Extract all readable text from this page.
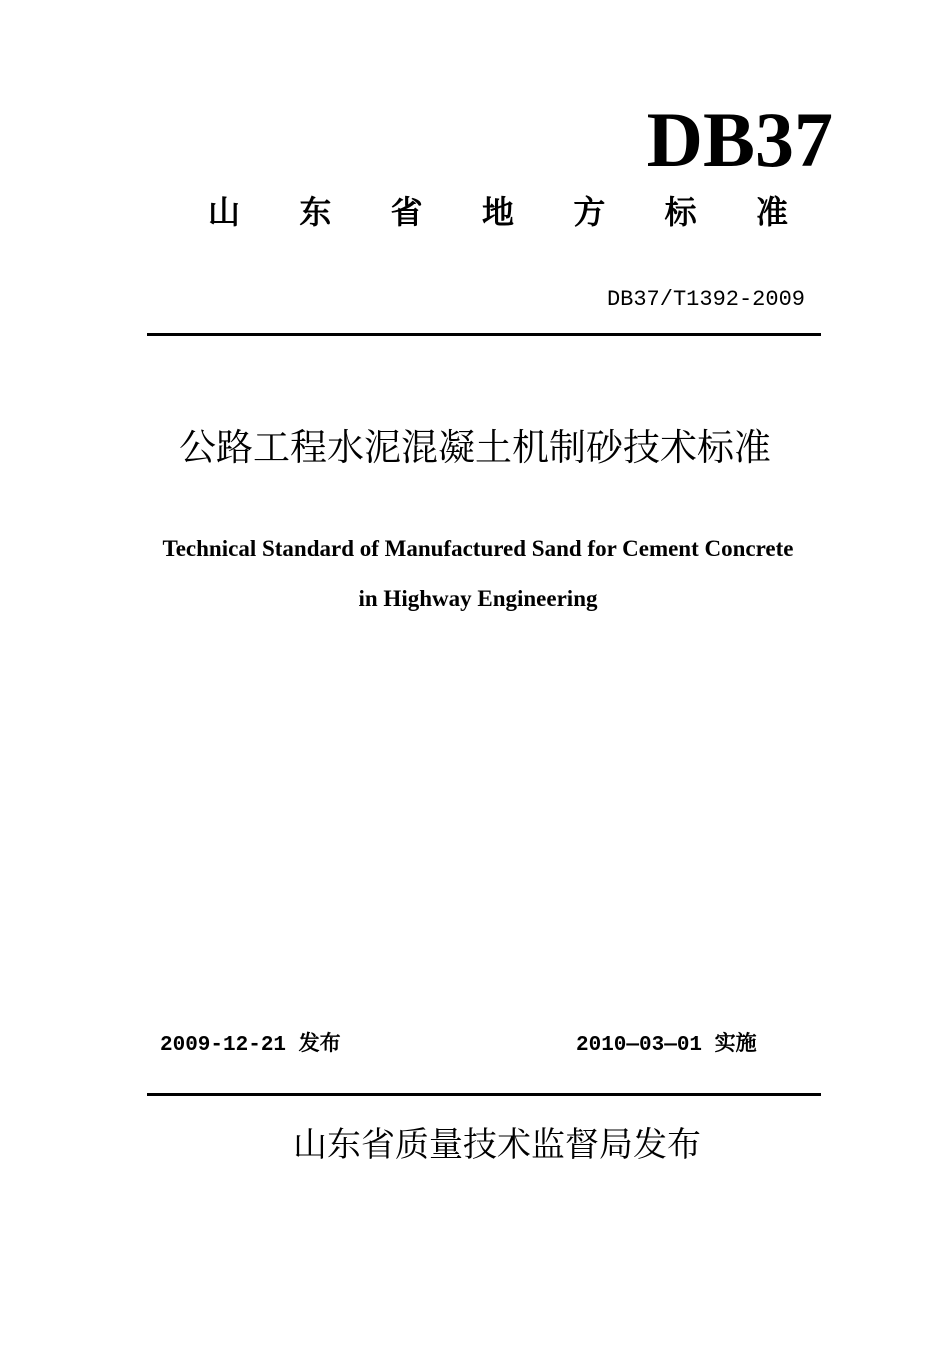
DB37
山 东 省 地 方 标 准
DB37/T1392-2009
公路工程水泥混凝土机制砂技术标准
Technical Standard of Manufactured Sand for Cement Concrete
in Highway Engineering
2009-12-21 发布	2010—03—01 实施
山东省质量技术监督局发布
